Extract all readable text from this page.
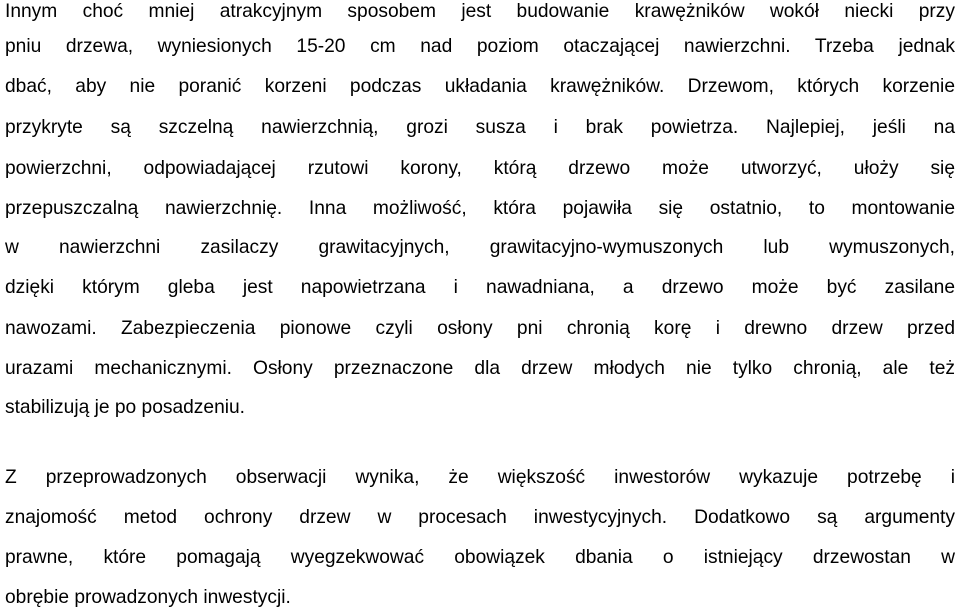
Innym choć mniej atrakcyjnym sposobem jest budowanie krawężników wokół niecki przy
pniu drzewa, wyniesionych 15-20 cm nad poziom otaczającej nawierzchni. Trzeba jednak
dbać, aby nie poranić korzeni podczas układania krawężników. Drzewom, których korzenie
przykryte są szczelną nawierzchnią, grozi susza i brak powietrza. Najlepiej, jeśli na
powierzchni, odpowiadającej rzutowi korony, którą drzewo może utworzyć, ułoży się
przepuszczalną nawierzchnię. Inna możliwość, która pojawiła się ostatnio, to montowanie
w nawierzchni zasilaczy grawitacyjnych, grawitacyjno-wymuszonych lub wymuszonych,
dzięki którym gleba jest napowietrzana i nawadniana, a drzewo może być zasilane
nawozami. Zabezpieczenia pionowe czyli osłony pni chronią korę i drewno drzew przed
urazami mechanicznymi. Osłony przeznaczone dla drzew młodych nie tylko chronią, ale też
stabilizują je po posadzeniu.
Z przeprowadzonych obserwacji wynika, że większość inwestorów wykazuje potrzebę i
znajomość metod ochrony drzew w procesach inwestycyjnych. Dodatkowo są argumenty
prawne, które pomagają wyegzekwować obowiązek dbania o istniejący drzewostan w
obrębie prowadzonych inwestycji.
